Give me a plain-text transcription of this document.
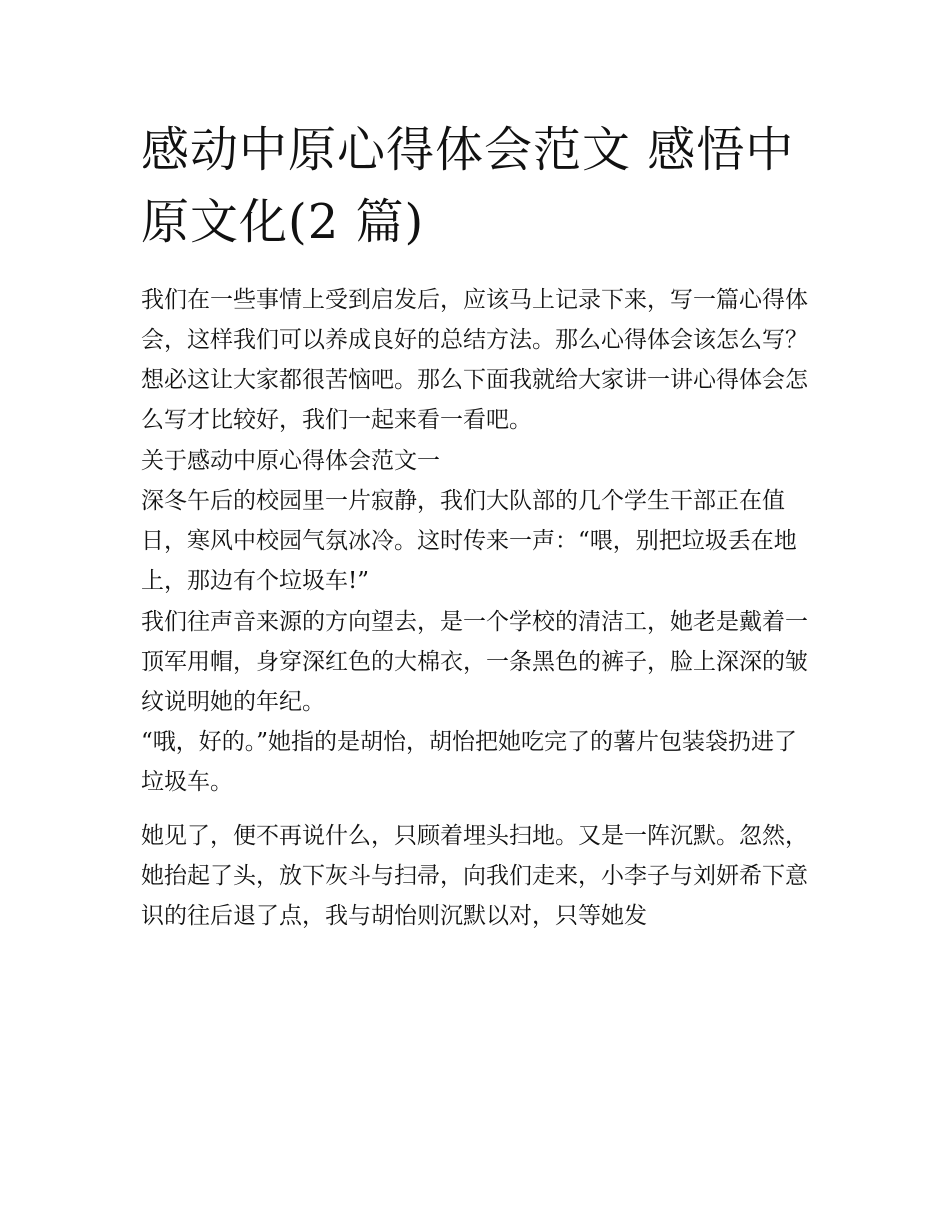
感动中原心得体会范文 感悟中原文化(2 篇)

我们在一些事情上受到启发后，应该马上记录下来，写一篇心得体会，这样我们可以养成良好的总结方法。那么心得体会该怎么写？想必这让大家都很苦恼吧。那么下面我就给大家讲一讲心得体会怎么写才比较好，我们一起来看一看吧。

关于感动中原心得体会范文一

深冬午后的校园里一片寂静，我们大队部的几个学生干部正在值日，寒风中校园气氛冰冷。这时传来一声：“喂，别把垃圾丢在地上，那边有个垃圾车!”

我们往声音来源的方向望去，是一个学校的清洁工，她老是戴着一顶军用帽，身穿深红色的大棉衣，一条黑色的裤子，脸上深深的皱纹说明她的年纪。

“哦，好的。”她指的是胡怡，胡怡把她吃完了的薯片包装袋扔进了垃圾车。

她见了，便不再说什么，只顾着埋头扫地。又是一阵沉默。忽然，她抬起了头，放下灰斗与扫帚，向我们走来，小李子与刘妍希下意识的往后退了点，我与胡怡则沉默以对，只等她发
